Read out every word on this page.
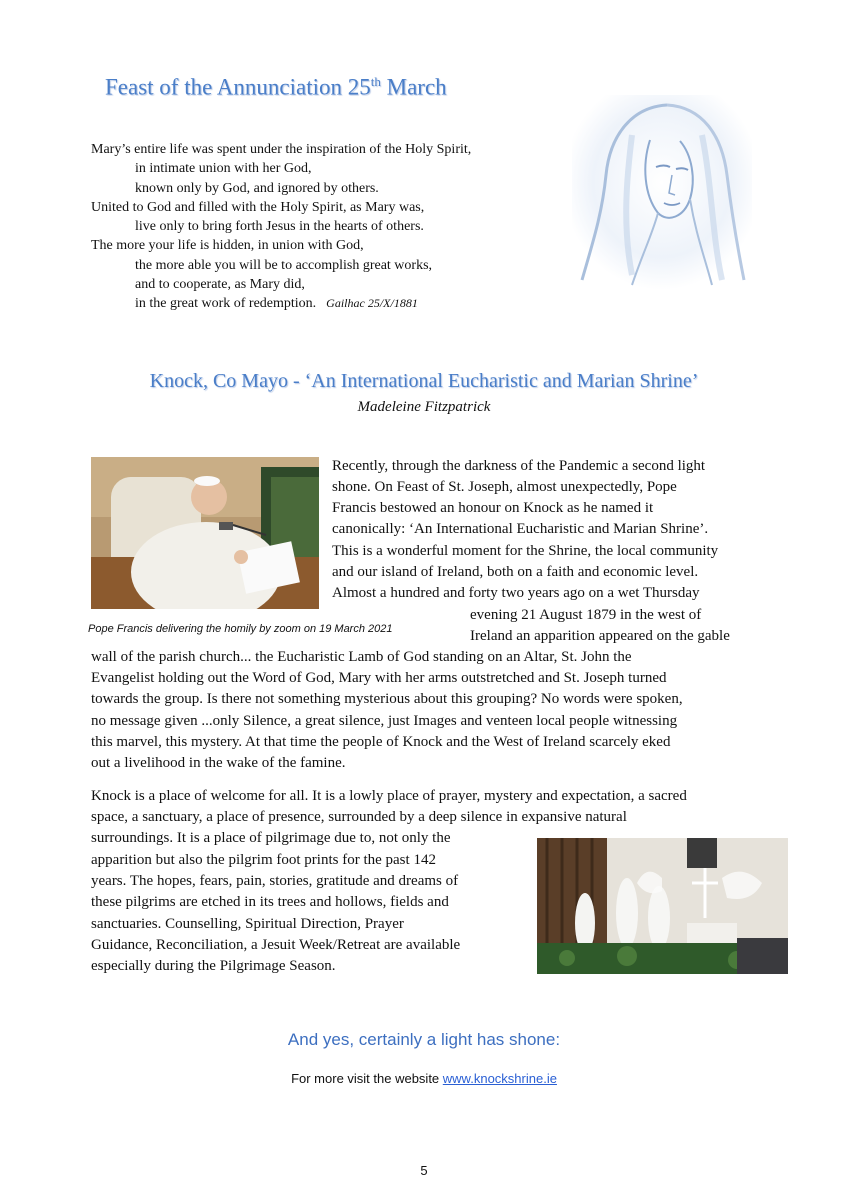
Feast of the Annunciation 25th March
Mary’s entire life was spent under the inspiration of the Holy Spirit,
in intimate union with her God,
known only by God, and ignored by others.
United to God and filled with the Holy Spirit, as Mary was,
live only to bring forth Jesus in the hearts of others.
The more your life is hidden, in union with God,
the more able you will be to accomplish great works,
and to cooperate, as Mary did,
in the great work of redemption. Gailhac 25/X/1881
Knock, Co Mayo - ‘An International Eucharistic and Marian Shrine’
Madeleine Fitzpatrick
Pope Francis delivering the homily by zoom on 19 March 2021
Recently, through the darkness of the Pandemic a second light
shone. On Feast of St. Joseph, almost unexpectedly, Pope
Francis bestowed an honour on Knock as he named it
canonically: ‘An International Eucharistic and Marian Shrine’.
This is a wonderful moment for the Shrine, the local community
and our island of Ireland, both on a faith and economic level.
Almost a hundred and forty two years ago on a wet Thursday
evening 21 August 1879 in the west of
Ireland an apparition appeared on the gable
wall of the parish church... the Eucharistic Lamb of God standing on an Altar, St. John the
Evangelist holding out the Word of God, Mary with her arms outstretched and St. Joseph turned
towards the group. Is there not something mysterious about this grouping? No words were spoken,
no message given ...only Silence, a great silence, just Images and venteen local people witnessing
this marvel, this mystery. At that time the people of Knock and the West of Ireland scarcely eked
out a livelihood in the wake of the famine.
Knock is a place of welcome for all. It is a lowly place of prayer, mystery and expectation, a sacred
space, a sanctuary, a place of presence, surrounded by a deep silence in expansive natural
surroundings. It is a place of pilgrimage due to, not only the
apparition but also the pilgrim foot prints for the past 142
years. The hopes, fears, pain, stories, gratitude and dreams of
these pilgrims are etched in its trees and hollows, fields and
sanctuaries. Counselling, Spiritual Direction, Prayer
Guidance, Reconciliation, a Jesuit Week/Retreat are available
especially during the Pilgrimage Season.
And yes, certainly a light has shone:
For more visit the website www.knockshrine.ie
5
